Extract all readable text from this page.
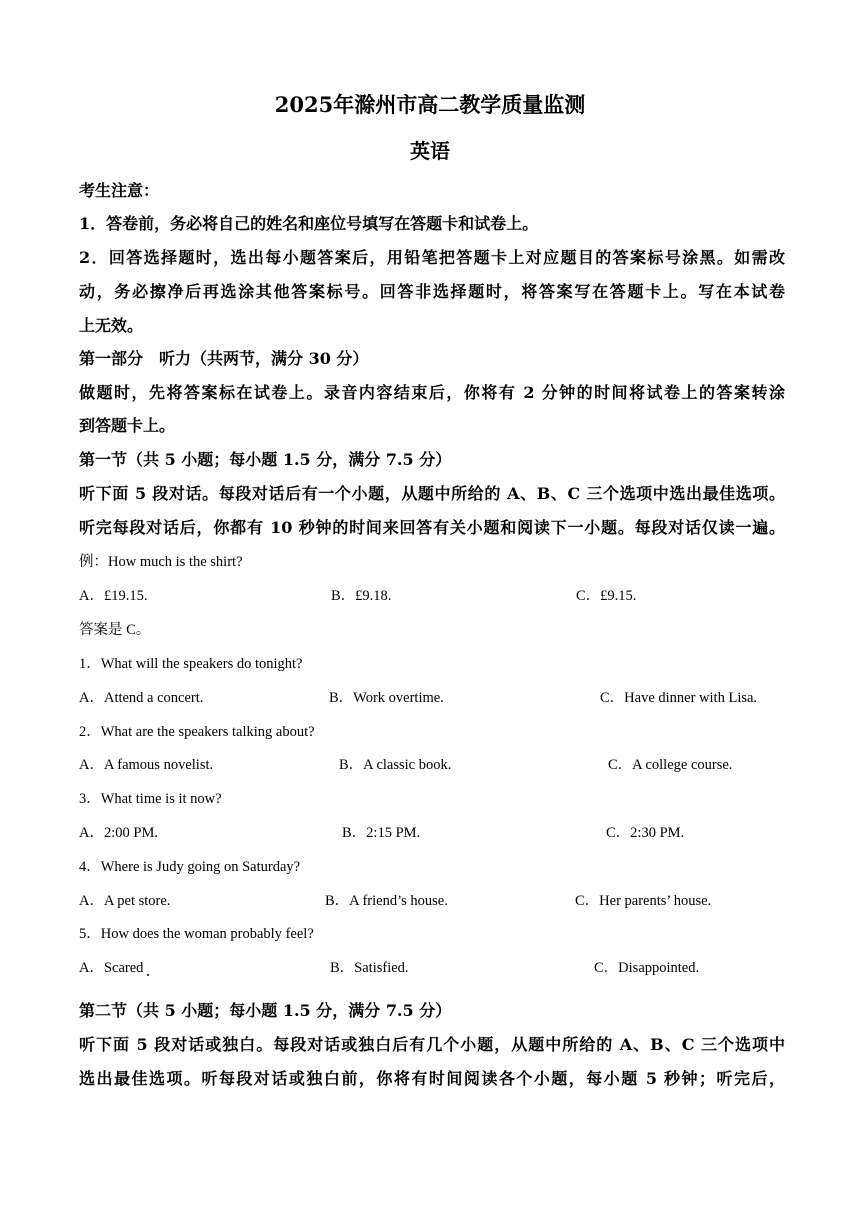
2025年滁州市高二教学质量监测
英语
考生注意：
1．答卷前，务必将自己的姓名和座位号填写在答题卡和试卷上。
2．回答选择题时，选出每小题答案后，用铅笔把答题卡上对应题目的答案标号涂黑。如需改
动，务必擦净后再选涂其他答案标号。回答非选择题时，将答案写在答题卡上。写在本试卷
上无效。
第一部分　听力（共两节，满分 30 分）
做题时，先将答案标在试卷上。录音内容结束后，你将有 2 分钟的时间将试卷上的答案转涂
到答题卡上。
第一节（共 5 小题；每小题 1.5 分，满分 7.5 分）
听下面 5 段对话。每段对话后有一个小题，从题中所给的 A、B、C 三个选项中选出最佳选项。
听完每段对话后，你都有 10 秒钟的时间来回答有关小题和阅读下一小题。每段对话仅读一遍。
例：How much is the shirt?
A．£19.15.	B．£9.18.	C．£9.15.
答案是 C。
1．What will the speakers do tonight?
A．Attend a concert.	B．Work overtime.	C．Have dinner with Lisa.
2．What are the speakers talking about?
A．A famous novelist.	B．A classic book.	C．A college course.
3．What time is it now?
A．2:00 PM.	B．2:15 PM.	C．2:30 PM.
4．Where is Judy going on Saturday?
A．A pet store.	B．A friend’s house.	C．Her parents’ house.
5．How does the woman probably feel?
A．Scared	B．Satisfied.	C．Disappointed.
第二节（共 5 小题；每小题 1.5 分，满分 7.5 分）
听下面 5 段对话或独白。每段对话或独白后有几个小题，从题中所给的 A、B、C 三个选项中
选出最佳选项。听每段对话或独白前，你将有时间阅读各个小题，每小题 5 秒钟；听完后，
